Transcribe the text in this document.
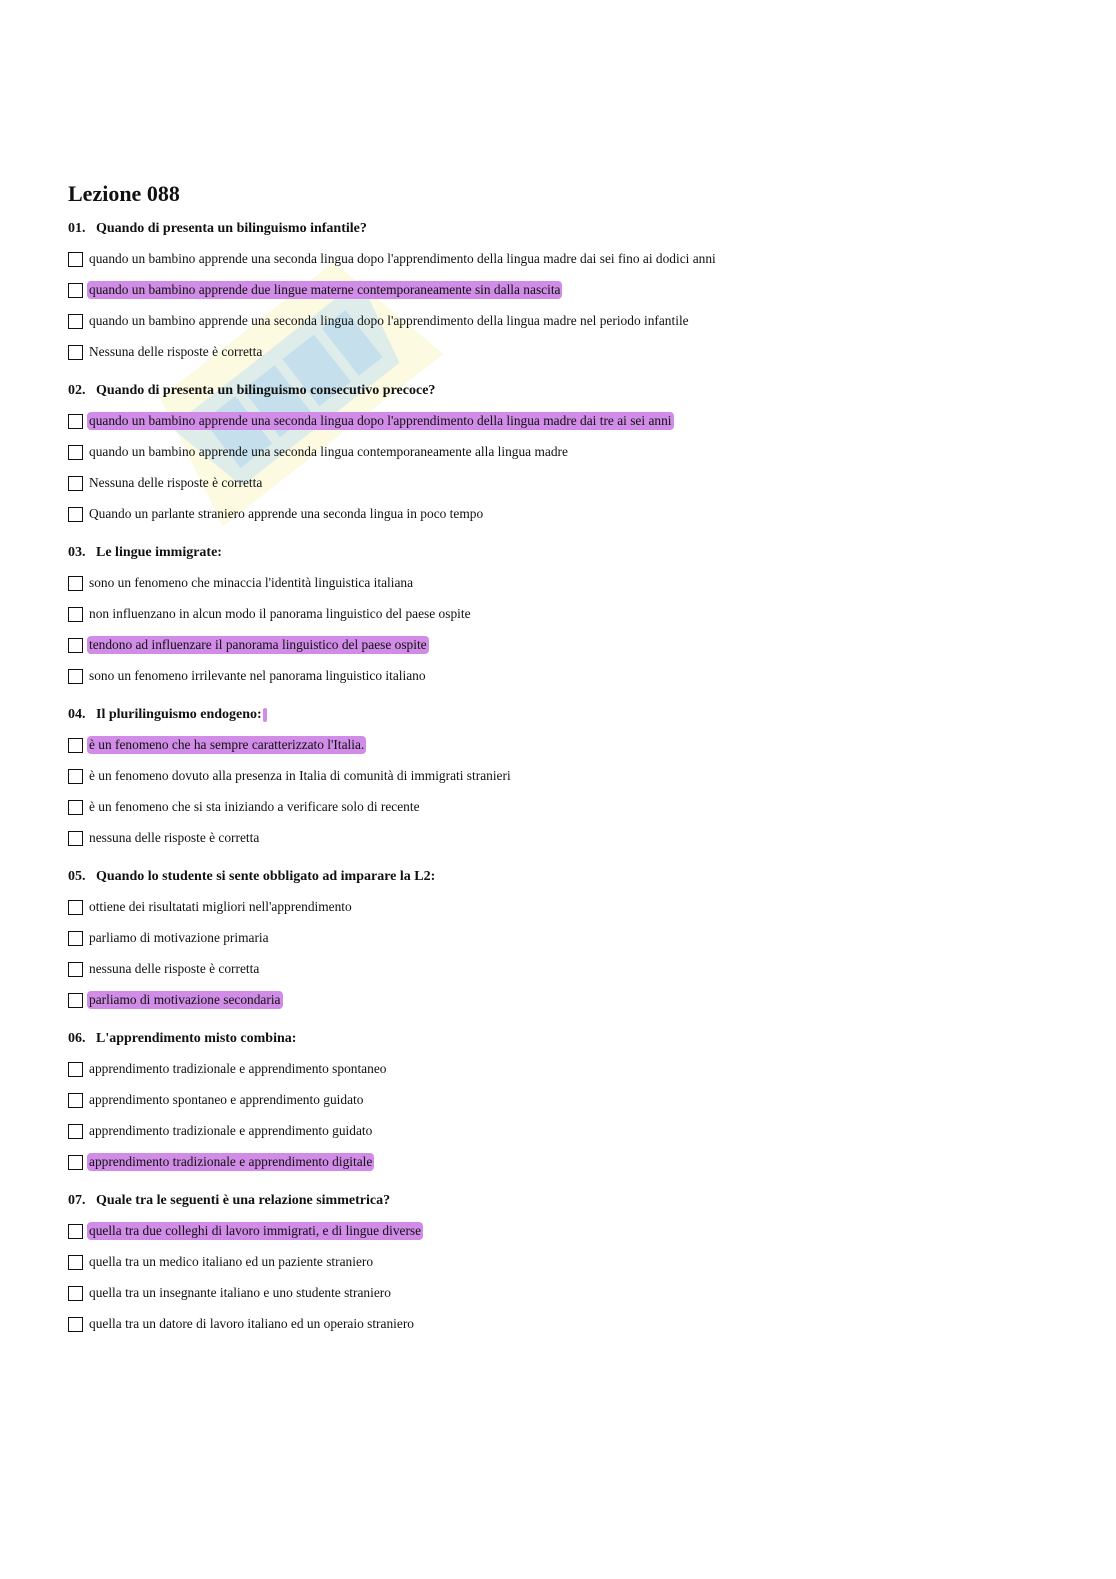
Lezione 088
01. Quando di presenta un bilinguismo infantile?
quando un bambino apprende una seconda lingua dopo l'apprendimento della lingua madre dai sei fino ai dodici anni
quando un bambino apprende due lingue materne contemporaneamente sin dalla nascita
quando un bambino apprende una seconda lingua dopo l'apprendimento della lingua madre nel periodo infantile
Nessuna delle risposte è corretta
02. Quando di presenta un bilinguismo consecutivo precoce?
quando un bambino apprende una seconda lingua dopo l'apprendimento della lingua madre dai tre ai sei anni
quando un bambino apprende una seconda lingua contemporaneamente alla lingua madre
Nessuna delle risposte è corretta
Quando un parlante straniero apprende una seconda lingua in poco tempo
03. Le lingue immigrate:
sono un fenomeno che minaccia l'identità linguistica italiana
non influenzano in alcun modo il panorama linguistico del paese ospite
tendono ad influenzare il panorama linguistico del paese ospite
sono un fenomeno irrilevante nel panorama linguistico italiano
04. Il plurilinguismo endogeno:
è un fenomeno che ha sempre caratterizzato l'Italia.
è un fenomeno dovuto alla presenza in Italia di comunità di immigrati stranieri
è un fenomeno che si sta iniziando a verificare solo di recente
nessuna delle risposte è corretta
05. Quando lo studente si sente obbligato ad imparare la L2:
ottiene dei risultatati migliori nell'apprendimento
parliamo di motivazione primaria
nessuna delle risposte è corretta
parliamo di motivazione secondaria
06. L'apprendimento misto combina:
apprendimento tradizionale e apprendimento spontaneo
apprendimento spontaneo e apprendimento guidato
apprendimento tradizionale e apprendimento guidato
apprendimento tradizionale e apprendimento digitale
07. Quale tra le seguenti è una relazione simmetrica?
quella tra due colleghi di lavoro immigrati, e di lingue diverse
quella tra un medico italiano ed un paziente straniero
quella tra un insegnante italiano e uno studente straniero
quella tra un datore di lavoro italiano ed un operaio straniero
